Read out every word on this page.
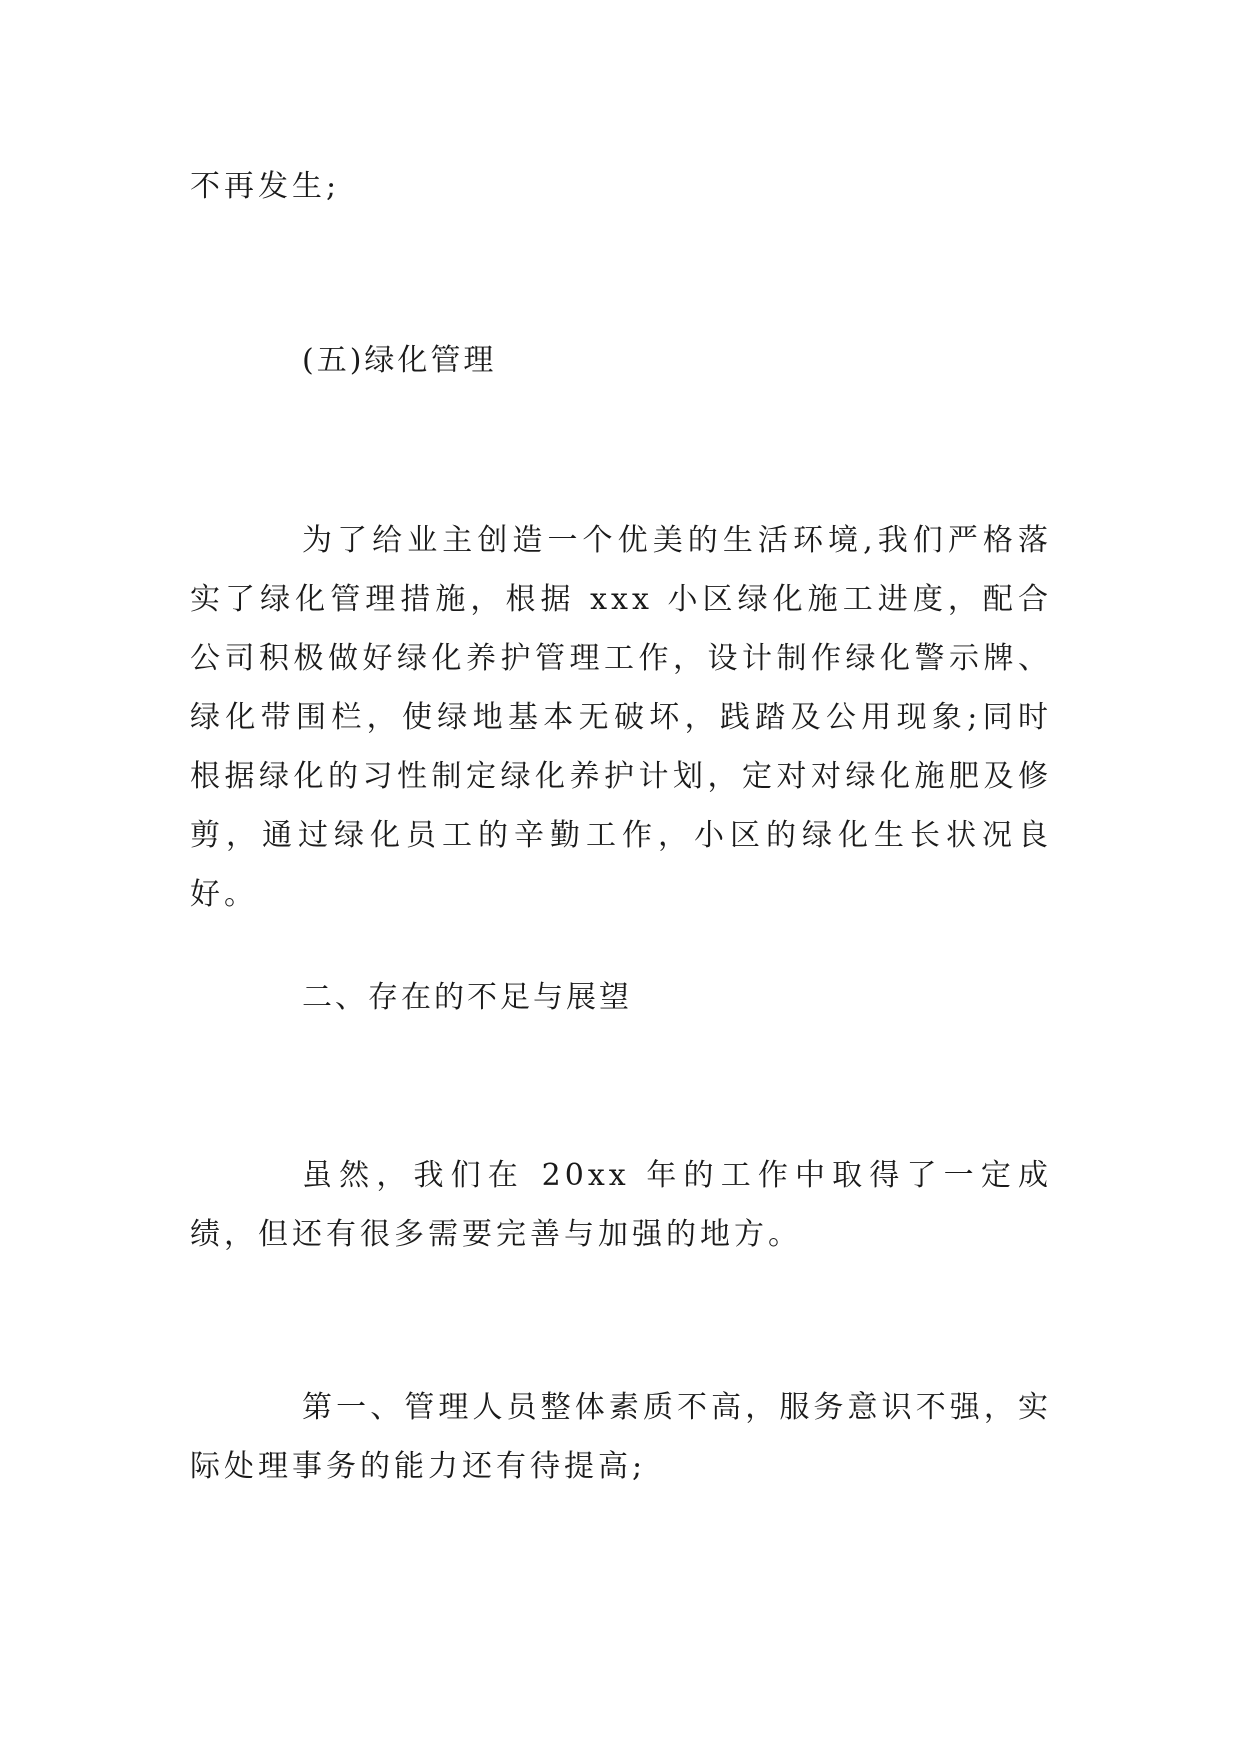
不再发生;

(五)绿化管理

为了给业主创造一个优美的生活环境,我们严格落实了绿化管理措施，根据 xxx 小区绿化施工进度，配合公司积极做好绿化养护管理工作，设计制作绿化警示牌、绿化带围栏，使绿地基本无破坏，践踏及公用现象;同时根据绿化的习性制定绿化养护计划，定对对绿化施肥及修剪，通过绿化员工的辛勤工作，小区的绿化生长状况良好。

二、存在的不足与展望

虽然，我们在 20xx 年的工作中取得了一定成绩，但还有很多需要完善与加强的地方。

第一、管理人员整体素质不高，服务意识不强，实际处理事务的能力还有待提高;
